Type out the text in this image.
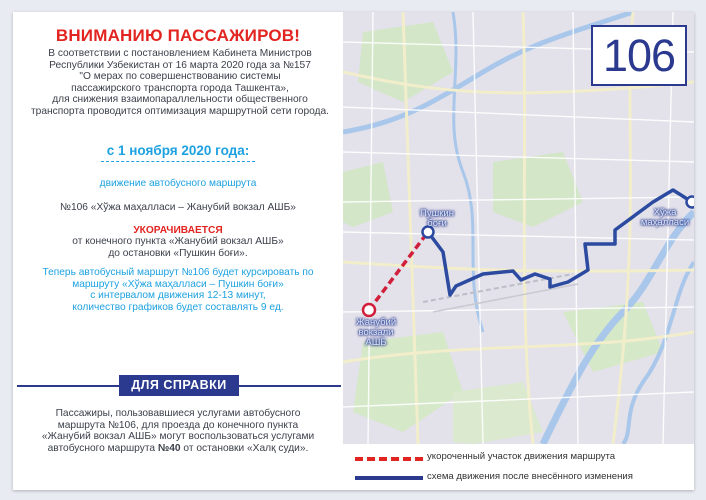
ВНИМАНИЮ ПАССАЖИРОВ!
В соответствии с постановлением Кабинета Министров
Республики Узбекистан от 16 марта 2020 года за №157
"О мерах по совершенствованию системы
пассажирского транспорта города Ташкента»,
для снижения взаимопараллельности общественного
транспорта проводится оптимизация маршрутной сети города.
с 1 ноября 2020 года:
движение автобусного маршрута
№106 «Хўжа маҳалласи – Жанубий вокзал АШБ»
УКОРАЧИВАЕТСЯ
от конечного пункта «Жанубий вокзал АШБ»
до остановки «Пушкин боғи».
Теперь автобусный маршрут №106 будет курсировать по
маршруту «Хўжа маҳалласи – Пушкин боғи»
с интервалом движения 12-13 минут,
количество графиков будет составлять 9 ед.
ДЛЯ СПРАВКИ
Пассажиры, пользовавшиеся услугами автобусного
маршрута №106, для проезда до конечного пункта
«Жанубий вокзал АШБ» могут воспользоваться услугами
автобусного маршрута №40 от остановки «Халқ суди».
Пушкин
боғи
Хўжа
маҳалласи
Жанубий
вокзали
АШБ
106
укороченный участок движения маршрута
схема движения после внесённого изменения
